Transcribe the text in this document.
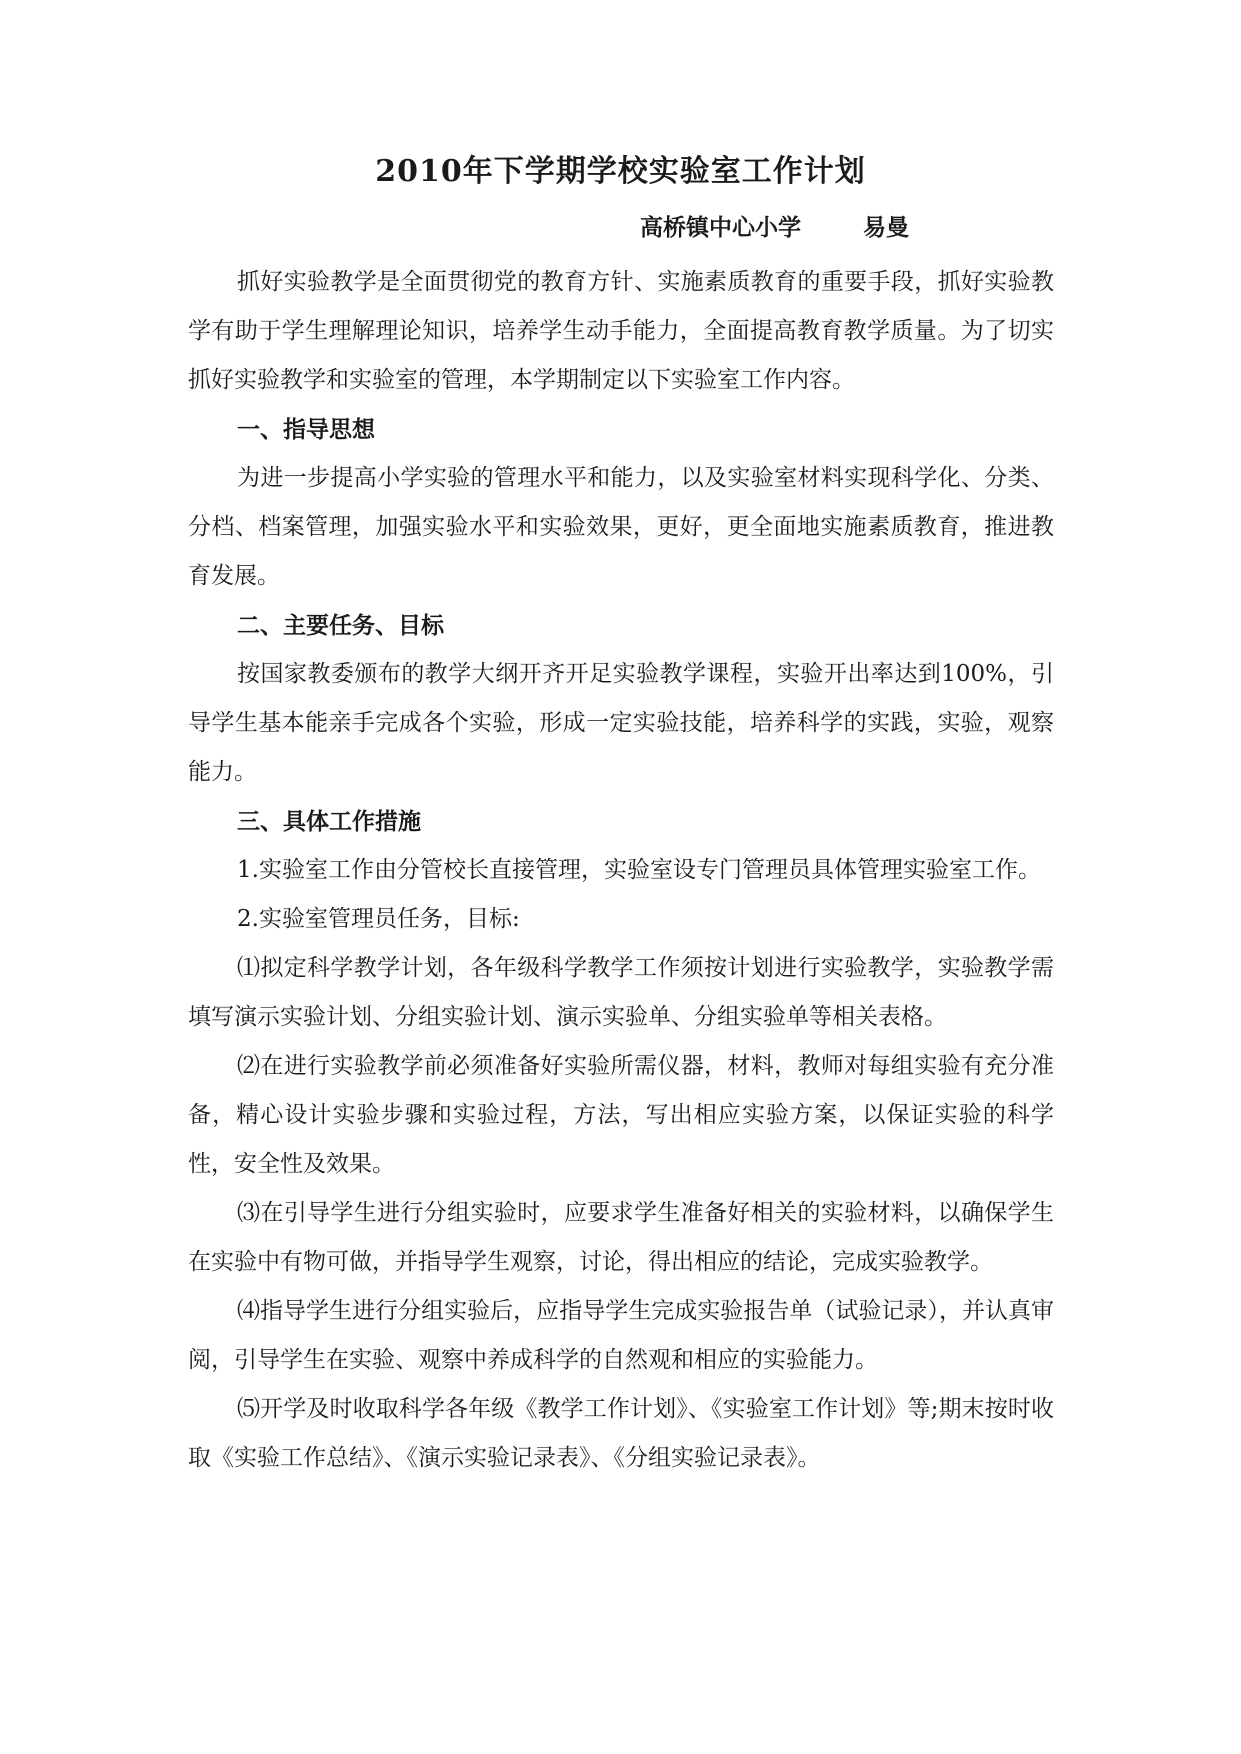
2010年下学期学校实验室工作计划
高桥镇中心小学	易曼

抓好实验教学是全面贯彻党的教育方针、实施素质教育的重要手段，抓好实验教学有助于学生理解理论知识，培养学生动手能力，全面提高教育教学质量。为了切实抓好实验教学和实验室的管理，本学期制定以下实验室工作内容。

一、指导思想

为进一步提高小学实验的管理水平和能力，以及实验室材料实现科学化、分类、分档、档案管理，加强实验水平和实验效果，更好，更全面地实施素质教育，推进教育发展。

二、主要任务、目标

按国家教委颁布的教学大纲开齐开足实验教学课程，实验开出率达到100%，引导学生基本能亲手完成各个实验，形成一定实验技能，培养科学的实践，实验，观察能力。

三、具体工作措施

1.实验室工作由分管校长直接管理，实验室设专门管理员具体管理实验室工作。

2.实验室管理员任务，目标:

⑴拟定科学教学计划，各年级科学教学工作须按计划进行实验教学，实验教学需填写演示实验计划、分组实验计划、演示实验单、分组实验单等相关表格。

⑵在进行实验教学前必须准备好实验所需仪器，材料，教师对每组实验有充分准备，精心设计实验步骤和实验过程，方法，写出相应实验方案，以保证实验的科学性，安全性及效果。

⑶在引导学生进行分组实验时，应要求学生准备好相关的实验材料，以确保学生在实验中有物可做，并指导学生观察，讨论，得出相应的结论，完成实验教学。

⑷指导学生进行分组实验后，应指导学生完成实验报告单（试验记录），并认真审阅，引导学生在实验、观察中养成科学的自然观和相应的实验能力。

⑸开学及时收取科学各年级《教学工作计划》、《实验室工作计划》等;期末按时收取《实验工作总结》、《演示实验记录表》、《分组实验记录表》。
